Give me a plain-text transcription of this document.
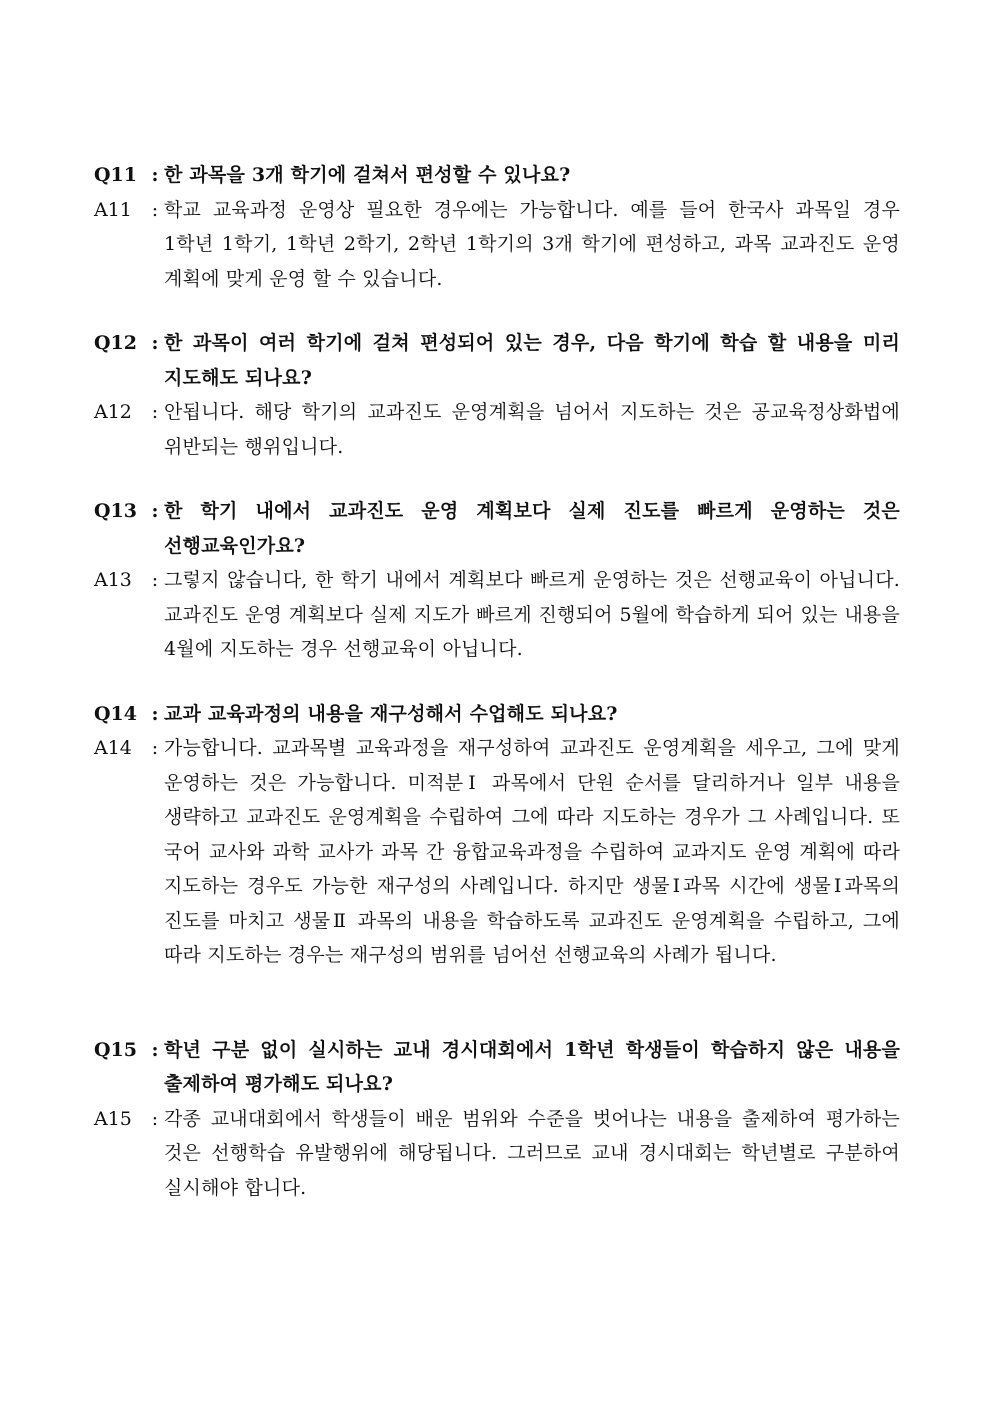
Q11 : 한 과목을 3개 학기에 걸쳐서 편성할 수 있나요?
A11	: 학교 교육과정 운영상 필요한 경우에는 가능합니다. 예를 들어 한국사 과목일 경우 1학년 1학기, 1학년 2학기, 2학년 1학기의 3개 학기에 편성하고, 과목 교과진도 운영 계획에 맞게 운영 할 수 있습니다.
Q12 : 한 과목이 여러 학기에 걸쳐 편성되어 있는 경우, 다음 학기에 학습 할 내용을 미리 지도해도 되나요?
A12	: 안됩니다. 해당 학기의 교과진도 운영계획을 넘어서 지도하는 것은 공교육정상화법에 위반되는 행위입니다.
Q13 : 한 학기 내에서 교과진도 운영 계획보다 실제 진도를 빠르게 운영하는 것은 선행교육인가요?
A13	: 그렇지 않습니다, 한 학기 내에서 계획보다 빠르게 운영하는 것은 선행교육이 아닙니다. 교과진도 운영 계획보다 실제 지도가 빠르게 진행되어 5월에 학습하게 되어 있는 내용을 4월에 지도하는 경우 선행교육이 아닙니다.
Q14 : 교과 교육과정의 내용을 재구성해서 수업해도 되나요?
A14	: 가능합니다. 교과목별 교육과정을 재구성하여 교과진도 운영계획을 세우고, 그에 맞게 운영하는 것은 가능합니다. 미적분Ⅰ 과목에서 단원 순서를 달리하거나 일부 내용을 생략하고 교과진도 운영계획을 수립하여 그에 따라 지도하는 경우가 그 사례입니다. 또 국어 교사와 과학 교사가 과목 간 융합교육과정을 수립하여 교과지도 운영 계획에 따라 지도하는 경우도 가능한 재구성의 사례입니다. 하지만 생물Ⅰ과목 시간에 생물Ⅰ과목의 진도를 마치고 생물Ⅱ 과목의 내용을 학습하도록 교과진도 운영계획을 수립하고, 그에 따라 지도하는 경우는 재구성의 범위를 넘어선 선행교육의 사례가 됩니다.
Q15 : 학년 구분 없이 실시하는 교내 경시대회에서 1학년 학생들이 학습하지 않은 내용을 출제하여 평가해도 되나요?
A15	: 각종 교내대회에서 학생들이 배운 범위와 수준을 벗어나는 내용을 출제하여 평가하는 것은 선행학습 유발행위에 해당됩니다. 그러므로 교내 경시대회는 학년별로 구분하여 실시해야 합니다.
